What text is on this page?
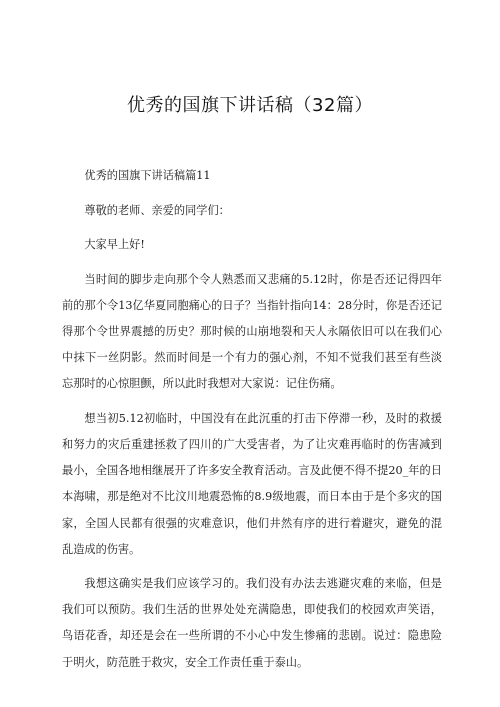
优秀的国旗下讲话稿（32篇）

优秀的国旗下讲话稿篇11

尊敬的老师、亲爱的同学们：

大家早上好!

当时间的脚步走向那个令人熟悉而又悲痛的5.12时，你是否还记得四年前的那个令13亿华夏同胞痛心的日子？当指针指向14：28分时，你是否还记得那个令世界震撼的历史？那时候的山崩地裂和天人永隔依旧可以在我们心中抹下一丝阴影。然而时间是一个有力的强心剂，不知不觉我们甚至有些淡忘那时的心惊胆颤，所以此时我想对大家说：记住伤痛。

想当初5.12初临时，中国没有在此沉重的打击下停滞一秒，及时的救援和努力的灾后重建拯救了四川的广大受害者，为了让灾难再临时的伤害减到最小，全国各地相继展开了许多安全教育活动。言及此便不得不提20_年的日本海啸，那是绝对不比汶川地震恐怖的8.9级地震，而日本由于是个多灾的国家，全国人民都有很强的灾难意识，他们井然有序的进行着避灾，避免的混乱造成的伤害。

我想这确实是我们应该学习的。我们没有办法去逃避灾难的来临，但是我们可以预防。我们生活的世界处处充满隐患，即使我们的校园欢声笑语，鸟语花香，却还是会在一些所谓的不小心中发生惨痛的悲剧。说过：隐患险于明火，防范胜于救灾，安全工作责任重于泰山。
